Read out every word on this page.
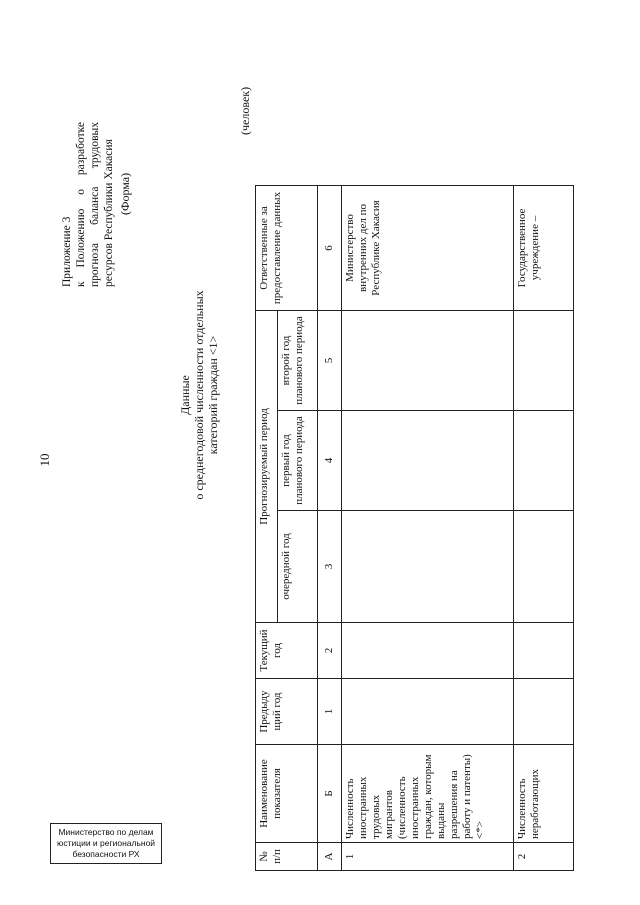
10
Министерство по делам
юстиции и региональной
безопасности РХ
Приложение 3 к Положению о разработке прогноза баланса трудовых ресурсов Республики Хакасия (Форма)
Данные о среднегодовой численности отдельных категорий граждан <1>
(человек)
№ п/п	Наименование показателя	Предыду щий год	Текущий год	Прогнозируемый период			Ответственные за предоставление данных
				очередной год	первый год планового периода	второй год планового периода	
А	Б	1	2	3	4	5	6
1	Численность иностранных трудовых мигрантов (численность иностранных граждан, которым выданы разрешения на работу и патенты) <*>						Министерство внутренних дел по Республике Хакасия
2	Численность неработающих						Государственное учреждение –
